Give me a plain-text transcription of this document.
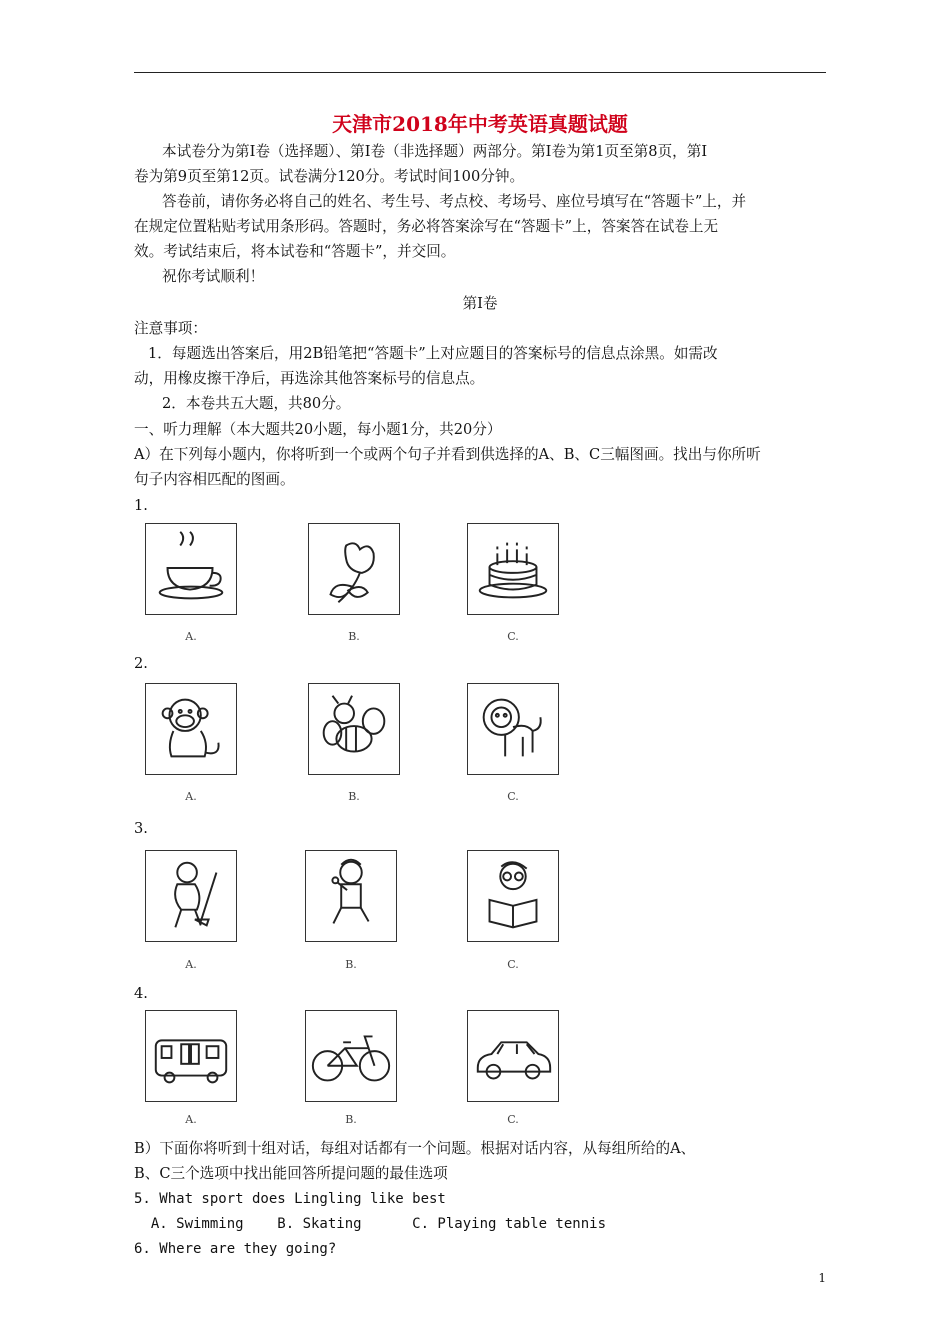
天津市2018年中考英语真题试题
本试卷分为第Ⅰ卷（选择题）、第Ⅰ卷（非选择题）两部分。第Ⅰ卷为第1页至第8页，第Ⅰ
卷为第9页至第12页。试卷满分120分。考试时间100分钟。
答卷前，请你务必将自己的姓名、考生号、考点校、考场号、座位号填写在“答题卡”上，并
在规定位置粘贴考试用条形码。答题时，务必将答案涂写在“答题卡”上，答案答在试卷上无
效。考试结束后，将本试卷和“答题卡”，并交回。
祝你考试顺利！
第Ⅰ卷
注意事项：
1．每题选出答案后，用2B铅笔把“答题卡”上对应题目的答案标号的信息点涂黑。如需改
动，用橡皮擦干净后，再选涂其他答案标号的信息点。
2．本卷共五大题，共80分。
一、听力理解（本大题共20小题，每小题1分，共20分）
A）在下列每小题内，你将听到一个或两个句子并看到供选择的A、B、C三幅图画。找出与你所听
句子内容相匹配的图画。
1.
A.	B.	C.
2.
A.	B.	C.
3.
A.	B.	C.
4.
A.	B.	C.
B）下面你将听到十组对话，每组对话都有一个问题。根据对话内容，从每组所给的A、
B、C三个选项中找出能回答所提问题的最佳选项
5. What sport does Lingling like best
A. Swimming    B. Skating      C. Playing table tennis
6. Where are they going?
1
